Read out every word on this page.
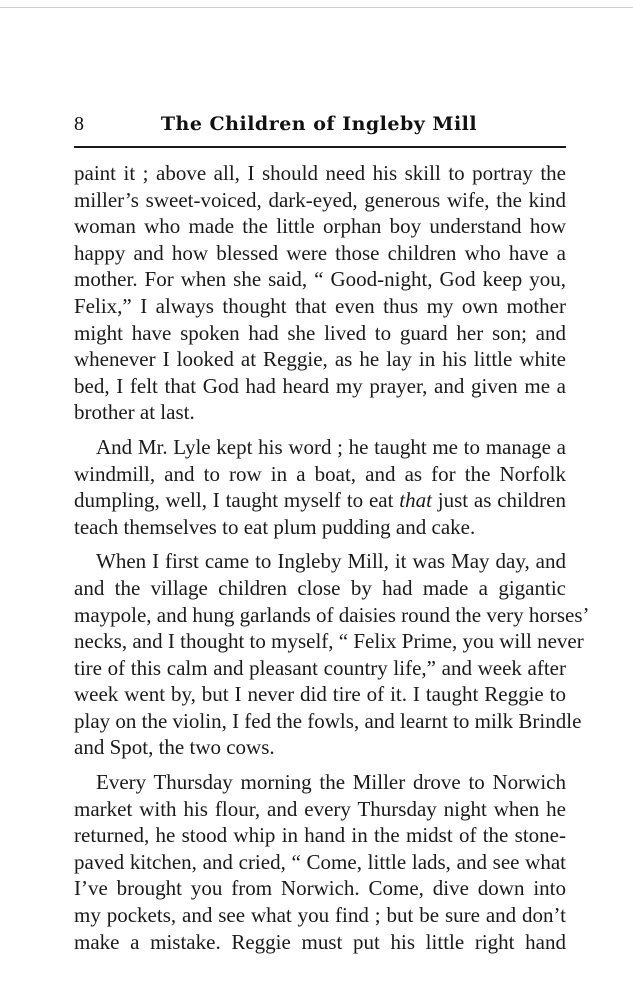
8	The Children of Ingleby Mill
paint it ; above all, I should need his skill to portray the
miller’s sweet-voiced, dark-eyed, generous wife, the kind
woman who made the little orphan boy understand how
happy and how blessed were those children who have a
mother. For when she said, “ Good-night, God keep you,
Felix,” I always thought that even thus my own mother
might have spoken had she lived to guard her son; and
whenever I looked at Reggie, as he lay in his little white
bed, I felt that God had heard my prayer, and given me a
brother at last.
And Mr. Lyle kept his word ; he taught me to manage a
windmill, and to row in a boat, and as for the Norfolk
dumpling, well, I taught myself to eat that just as children
teach themselves to eat plum pudding and cake.
When I first came to Ingleby Mill, it was May day, and
and the village children close by had made a gigantic
maypole, and hung garlands of daisies round the very horses’
necks, and I thought to myself, “ Felix Prime, you will never
tire of this calm and pleasant country life,” and week after
week went by, but I never did tire of it. I taught Reggie to
play on the violin, I fed the fowls, and learnt to milk Brindle
and Spot, the two cows.
Every Thursday morning the Miller drove to Norwich
market with his flour, and every Thursday night when he
returned, he stood whip in hand in the midst of the stone-
paved kitchen, and cried, “ Come, little lads, and see what
I’ve brought you from Norwich. Come, dive down into
my pockets, and see what you find ; but be sure and don’t
make a mistake. Reggie must put his little right hand
